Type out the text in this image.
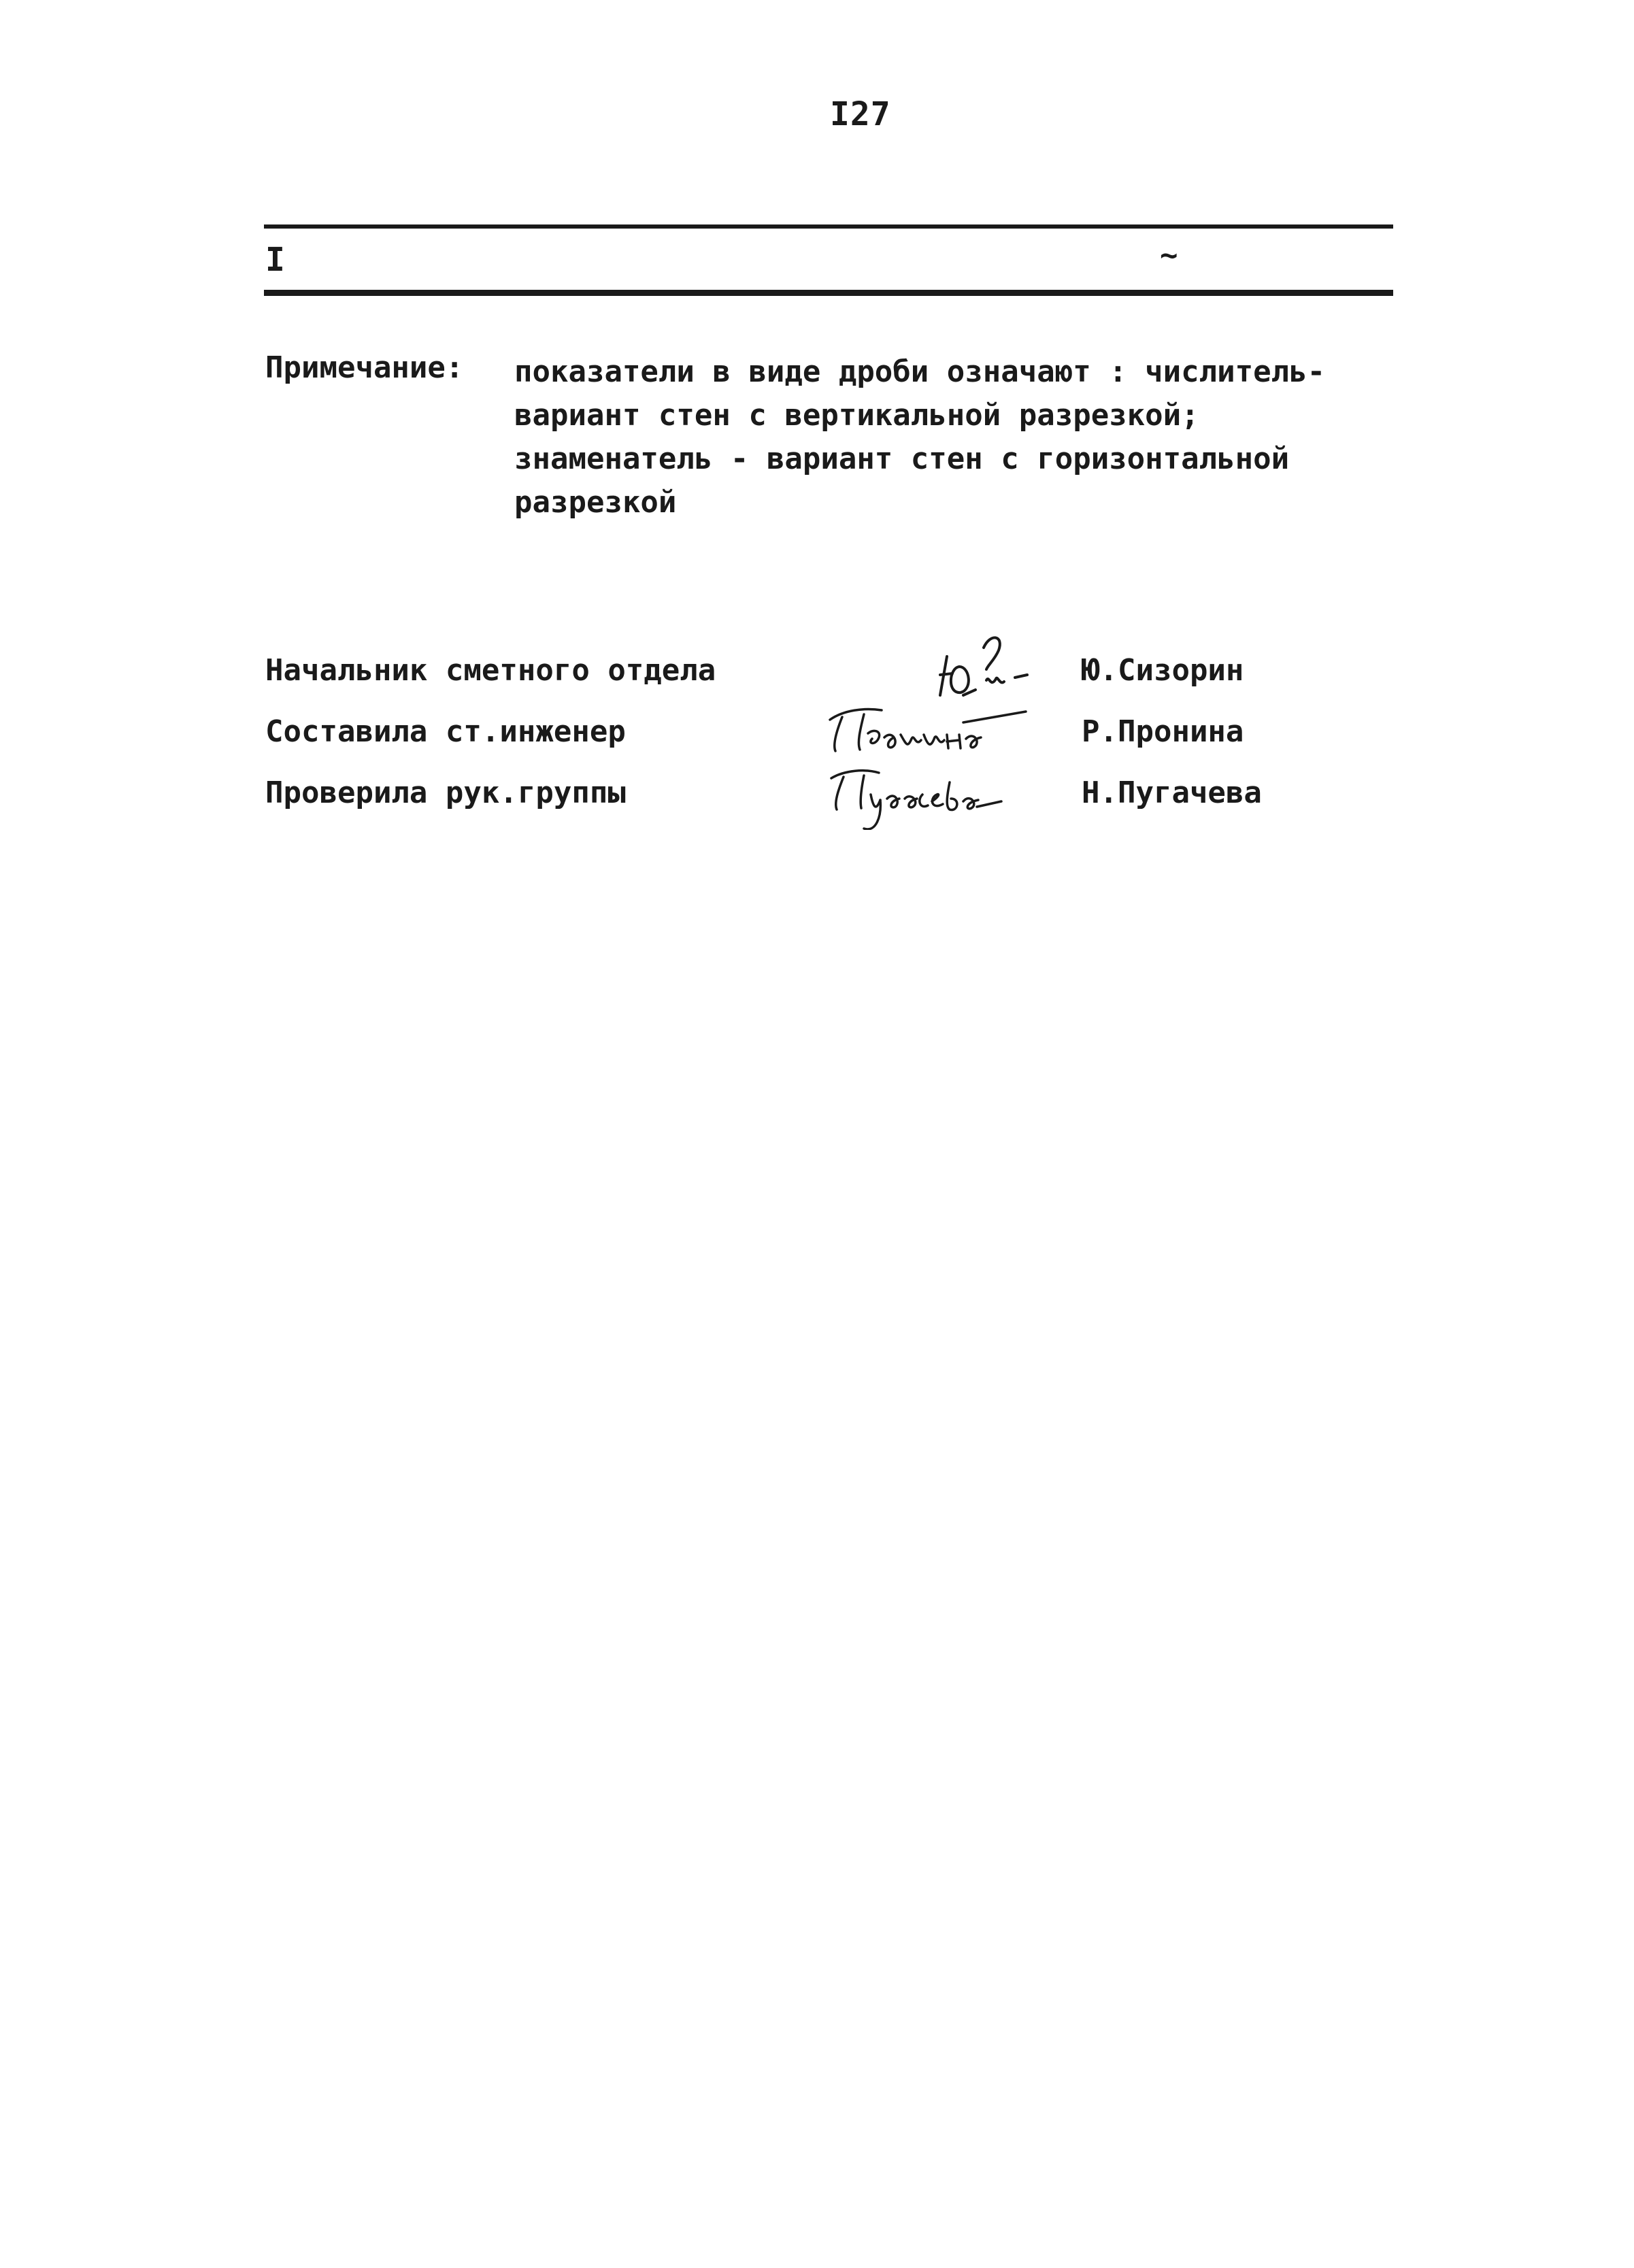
I27
I	~
Примечание: показатели в виде дроби означают : числитель-
вариант стен с вертикальной разрезкой;
знаменатель - вариант стен с горизонтальной
разрезкой
Начальник сметного отдела	Ю.Сизорин
Составила ст.инженер	Р.Пронина
Проверила рук.группы	Н.Пугачева
